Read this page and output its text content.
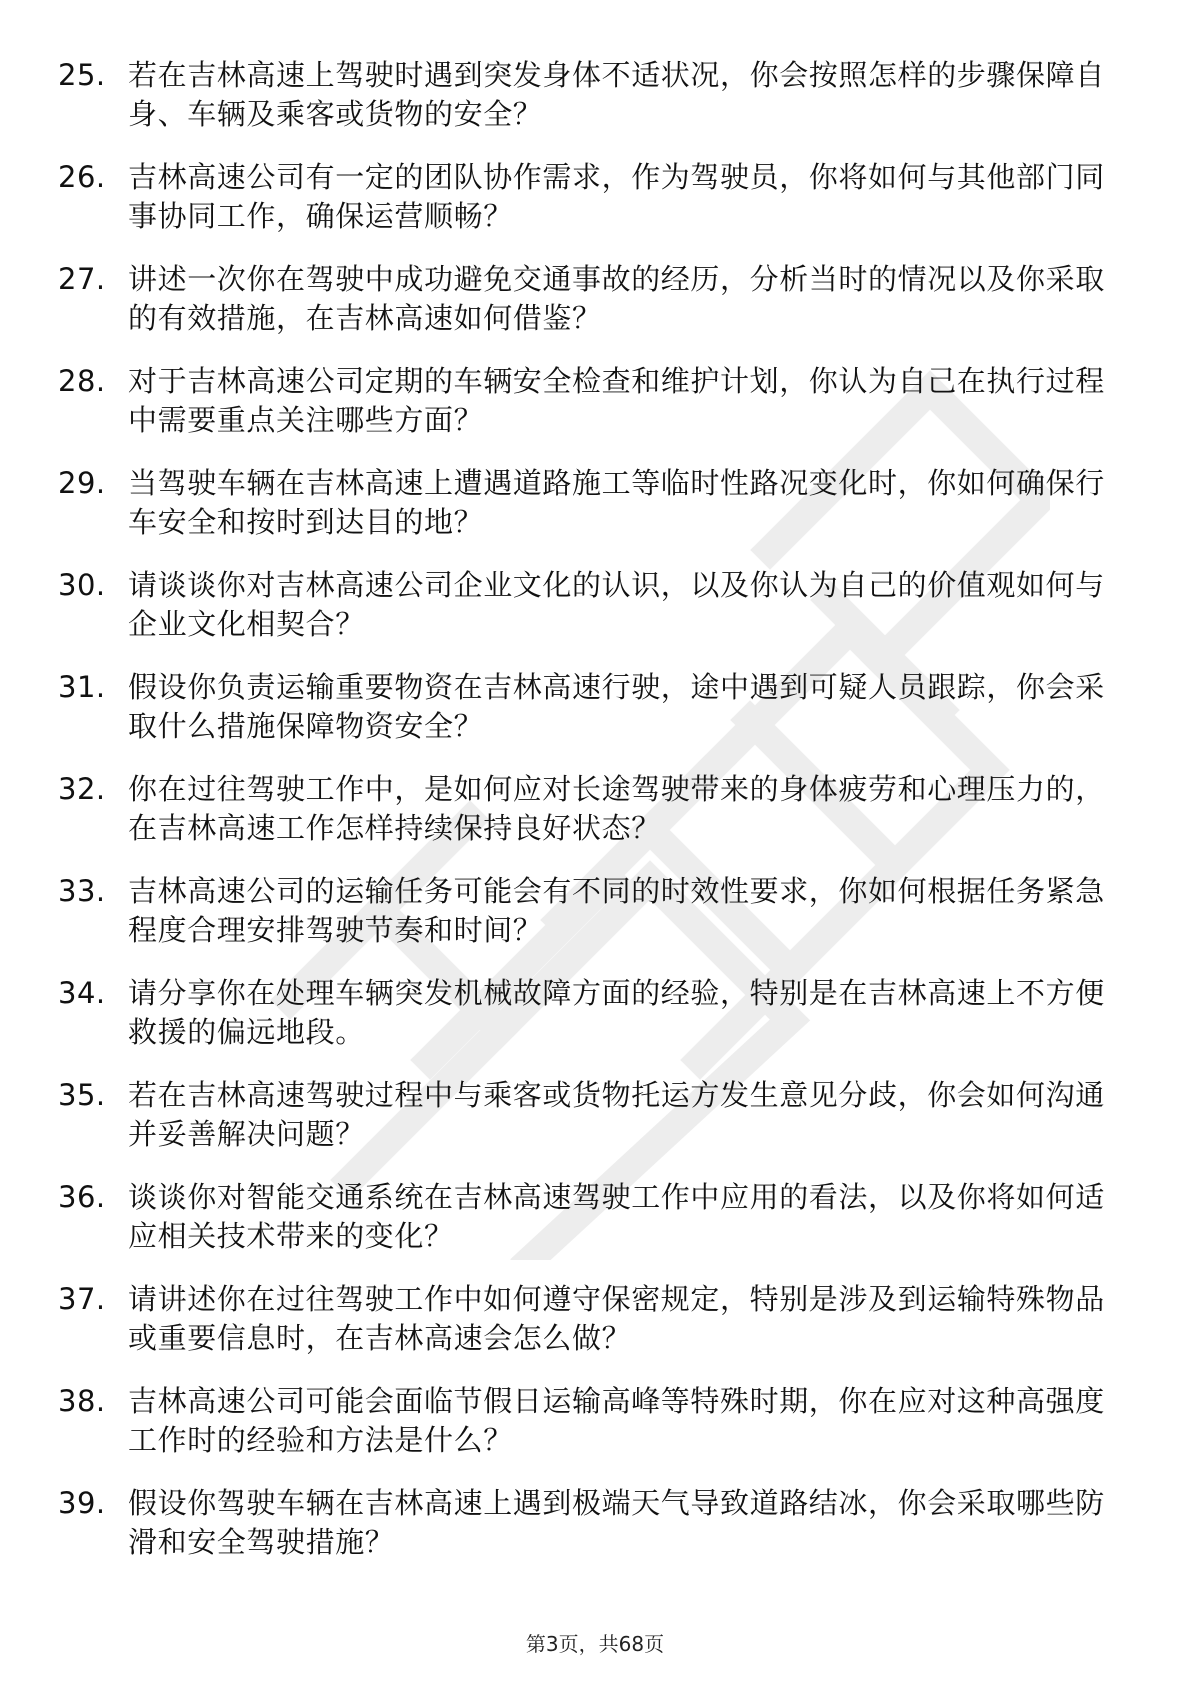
25. 若在吉林高速上驾驶时遇到突发身体不适状况，你会按照怎样的步骤保障自身、车辆及乘客或货物的安全？
26. 吉林高速公司有一定的团队协作需求，作为驾驶员，你将如何与其他部门同事协同工作，确保运营顺畅？
27. 讲述一次你在驾驶中成功避免交通事故的经历，分析当时的情况以及你采取的有效措施，在吉林高速如何借鉴？
28. 对于吉林高速公司定期的车辆安全检查和维护计划，你认为自己在执行过程中需要重点关注哪些方面？
29. 当驾驶车辆在吉林高速上遭遇道路施工等临时性路况变化时，你如何确保行车安全和按时到达目的地？
30. 请谈谈你对吉林高速公司企业文化的认识，以及你认为自己的价值观如何与企业文化相契合？
31. 假设你负责运输重要物资在吉林高速行驶，途中遇到可疑人员跟踪，你会采取什么措施保障物资安全？
32. 你在过往驾驶工作中，是如何应对长途驾驶带来的身体疲劳和心理压力的，在吉林高速工作怎样持续保持良好状态？
33. 吉林高速公司的运输任务可能会有不同的时效性要求，你如何根据任务紧急程度合理安排驾驶节奏和时间？
34. 请分享你在处理车辆突发机械故障方面的经验，特别是在吉林高速上不方便救援的偏远地段。
35. 若在吉林高速驾驶过程中与乘客或货物托运方发生意见分歧，你会如何沟通并妥善解决问题？
36. 谈谈你对智能交通系统在吉林高速驾驶工作中应用的看法，以及你将如何适应相关技术带来的变化？
37. 请讲述你在过往驾驶工作中如何遵守保密规定，特别是涉及到运输特殊物品或重要信息时，在吉林高速会怎么做？
38. 吉林高速公司可能会面临节假日运输高峰等特殊时期，你在应对这种高强度工作时的经验和方法是什么？
39. 假设你驾驶车辆在吉林高速上遇到极端天气导致道路结冰，你会采取哪些防滑和安全驾驶措施？
第3页，共68页
